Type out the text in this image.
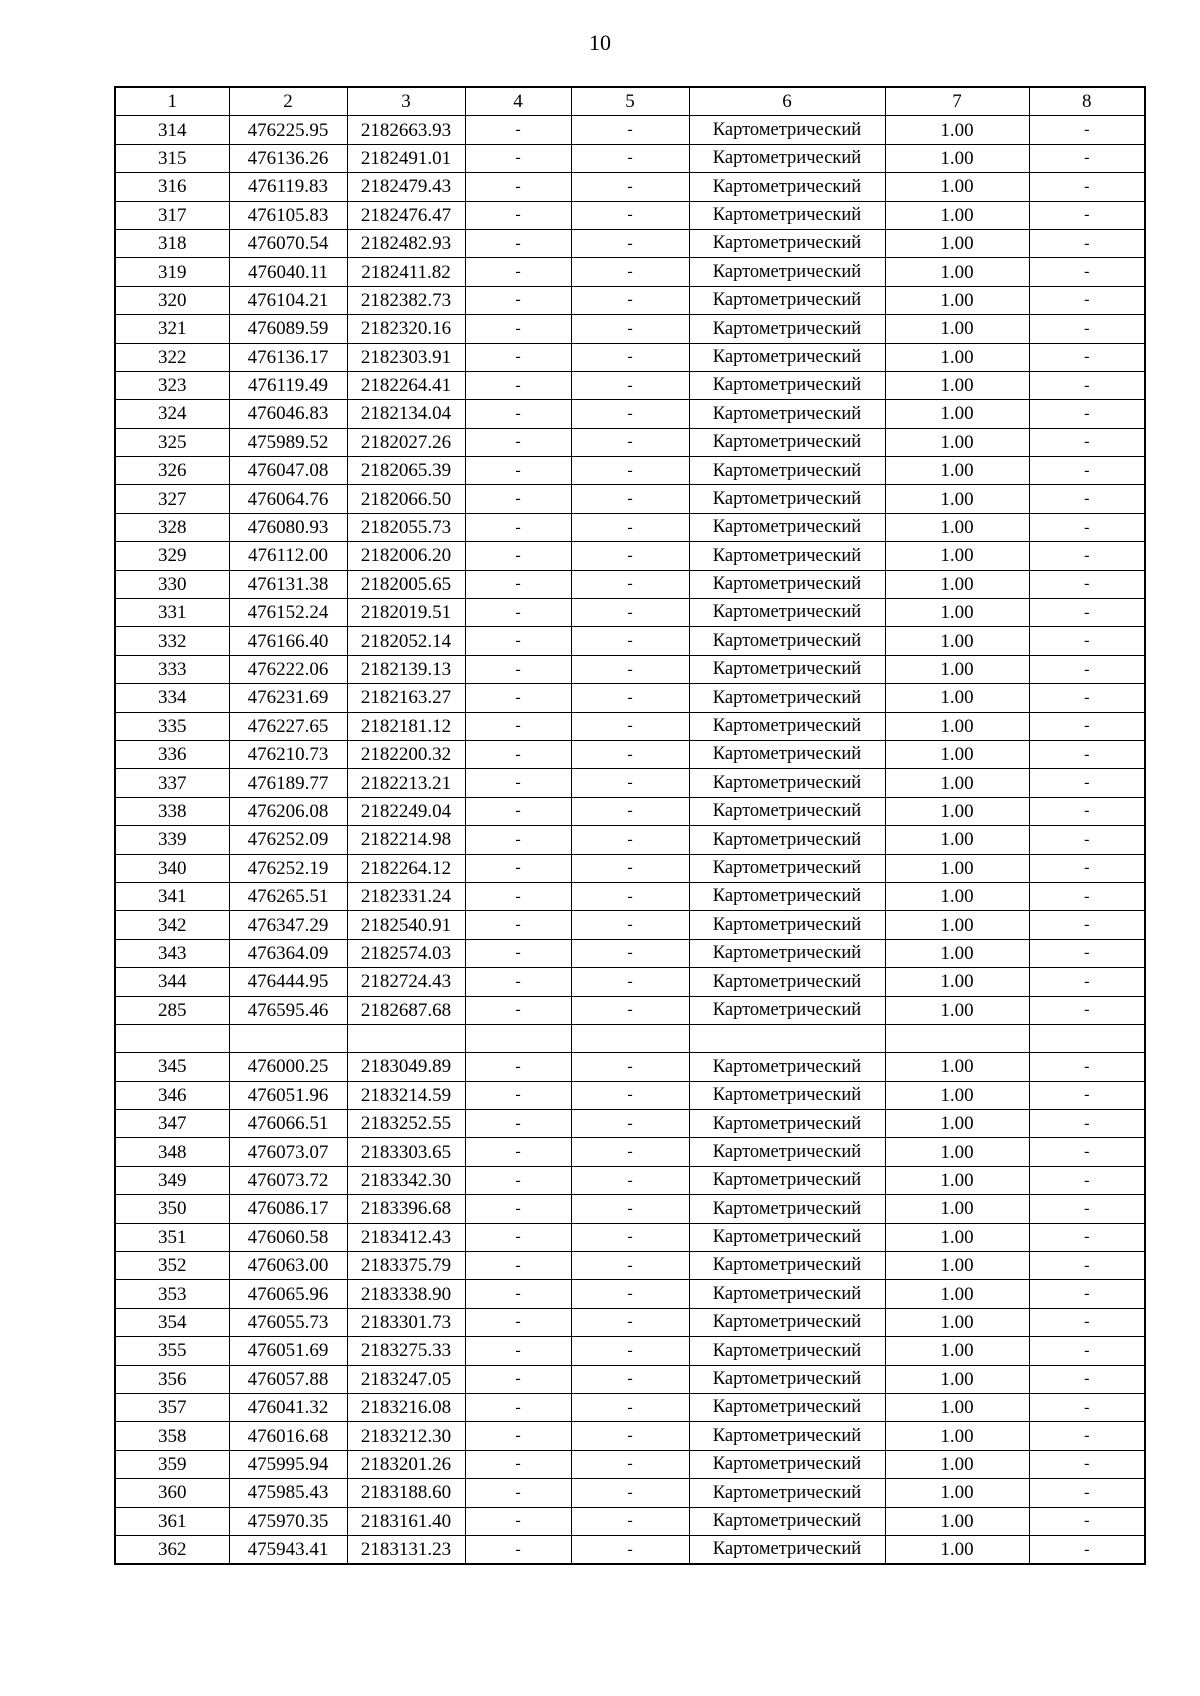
10
1	2	3	4	5	6	7	8
314	476225.95	2182663.93	-	-	Картометрический	1.00	-
315	476136.26	2182491.01	-	-	Картометрический	1.00	-
316	476119.83	2182479.43	-	-	Картометрический	1.00	-
317	476105.83	2182476.47	-	-	Картометрический	1.00	-
318	476070.54	2182482.93	-	-	Картометрический	1.00	-
319	476040.11	2182411.82	-	-	Картометрический	1.00	-
320	476104.21	2182382.73	-	-	Картометрический	1.00	-
321	476089.59	2182320.16	-	-	Картометрический	1.00	-
322	476136.17	2182303.91	-	-	Картометрический	1.00	-
323	476119.49	2182264.41	-	-	Картометрический	1.00	-
324	476046.83	2182134.04	-	-	Картометрический	1.00	-
325	475989.52	2182027.26	-	-	Картометрический	1.00	-
326	476047.08	2182065.39	-	-	Картометрический	1.00	-
327	476064.76	2182066.50	-	-	Картометрический	1.00	-
328	476080.93	2182055.73	-	-	Картометрический	1.00	-
329	476112.00	2182006.20	-	-	Картометрический	1.00	-
330	476131.38	2182005.65	-	-	Картометрический	1.00	-
331	476152.24	2182019.51	-	-	Картометрический	1.00	-
332	476166.40	2182052.14	-	-	Картометрический	1.00	-
333	476222.06	2182139.13	-	-	Картометрический	1.00	-
334	476231.69	2182163.27	-	-	Картометрический	1.00	-
335	476227.65	2182181.12	-	-	Картометрический	1.00	-
336	476210.73	2182200.32	-	-	Картометрический	1.00	-
337	476189.77	2182213.21	-	-	Картометрический	1.00	-
338	476206.08	2182249.04	-	-	Картометрический	1.00	-
339	476252.09	2182214.98	-	-	Картометрический	1.00	-
340	476252.19	2182264.12	-	-	Картометрический	1.00	-
341	476265.51	2182331.24	-	-	Картометрический	1.00	-
342	476347.29	2182540.91	-	-	Картометрический	1.00	-
343	476364.09	2182574.03	-	-	Картометрический	1.00	-
344	476444.95	2182724.43	-	-	Картометрический	1.00	-
285	476595.46	2182687.68	-	-	Картометрический	1.00	-

345	476000.25	2183049.89	-	-	Картометрический	1.00	-
346	476051.96	2183214.59	-	-	Картометрический	1.00	-
347	476066.51	2183252.55	-	-	Картометрический	1.00	-
348	476073.07	2183303.65	-	-	Картометрический	1.00	-
349	476073.72	2183342.30	-	-	Картометрический	1.00	-
350	476086.17	2183396.68	-	-	Картометрический	1.00	-
351	476060.58	2183412.43	-	-	Картометрический	1.00	-
352	476063.00	2183375.79	-	-	Картометрический	1.00	-
353	476065.96	2183338.90	-	-	Картометрический	1.00	-
354	476055.73	2183301.73	-	-	Картометрический	1.00	-
355	476051.69	2183275.33	-	-	Картометрический	1.00	-
356	476057.88	2183247.05	-	-	Картометрический	1.00	-
357	476041.32	2183216.08	-	-	Картометрический	1.00	-
358	476016.68	2183212.30	-	-	Картометрический	1.00	-
359	475995.94	2183201.26	-	-	Картометрический	1.00	-
360	475985.43	2183188.60	-	-	Картометрический	1.00	-
361	475970.35	2183161.40	-	-	Картометрический	1.00	-
362	475943.41	2183131.23	-	-	Картометрический	1.00	-
